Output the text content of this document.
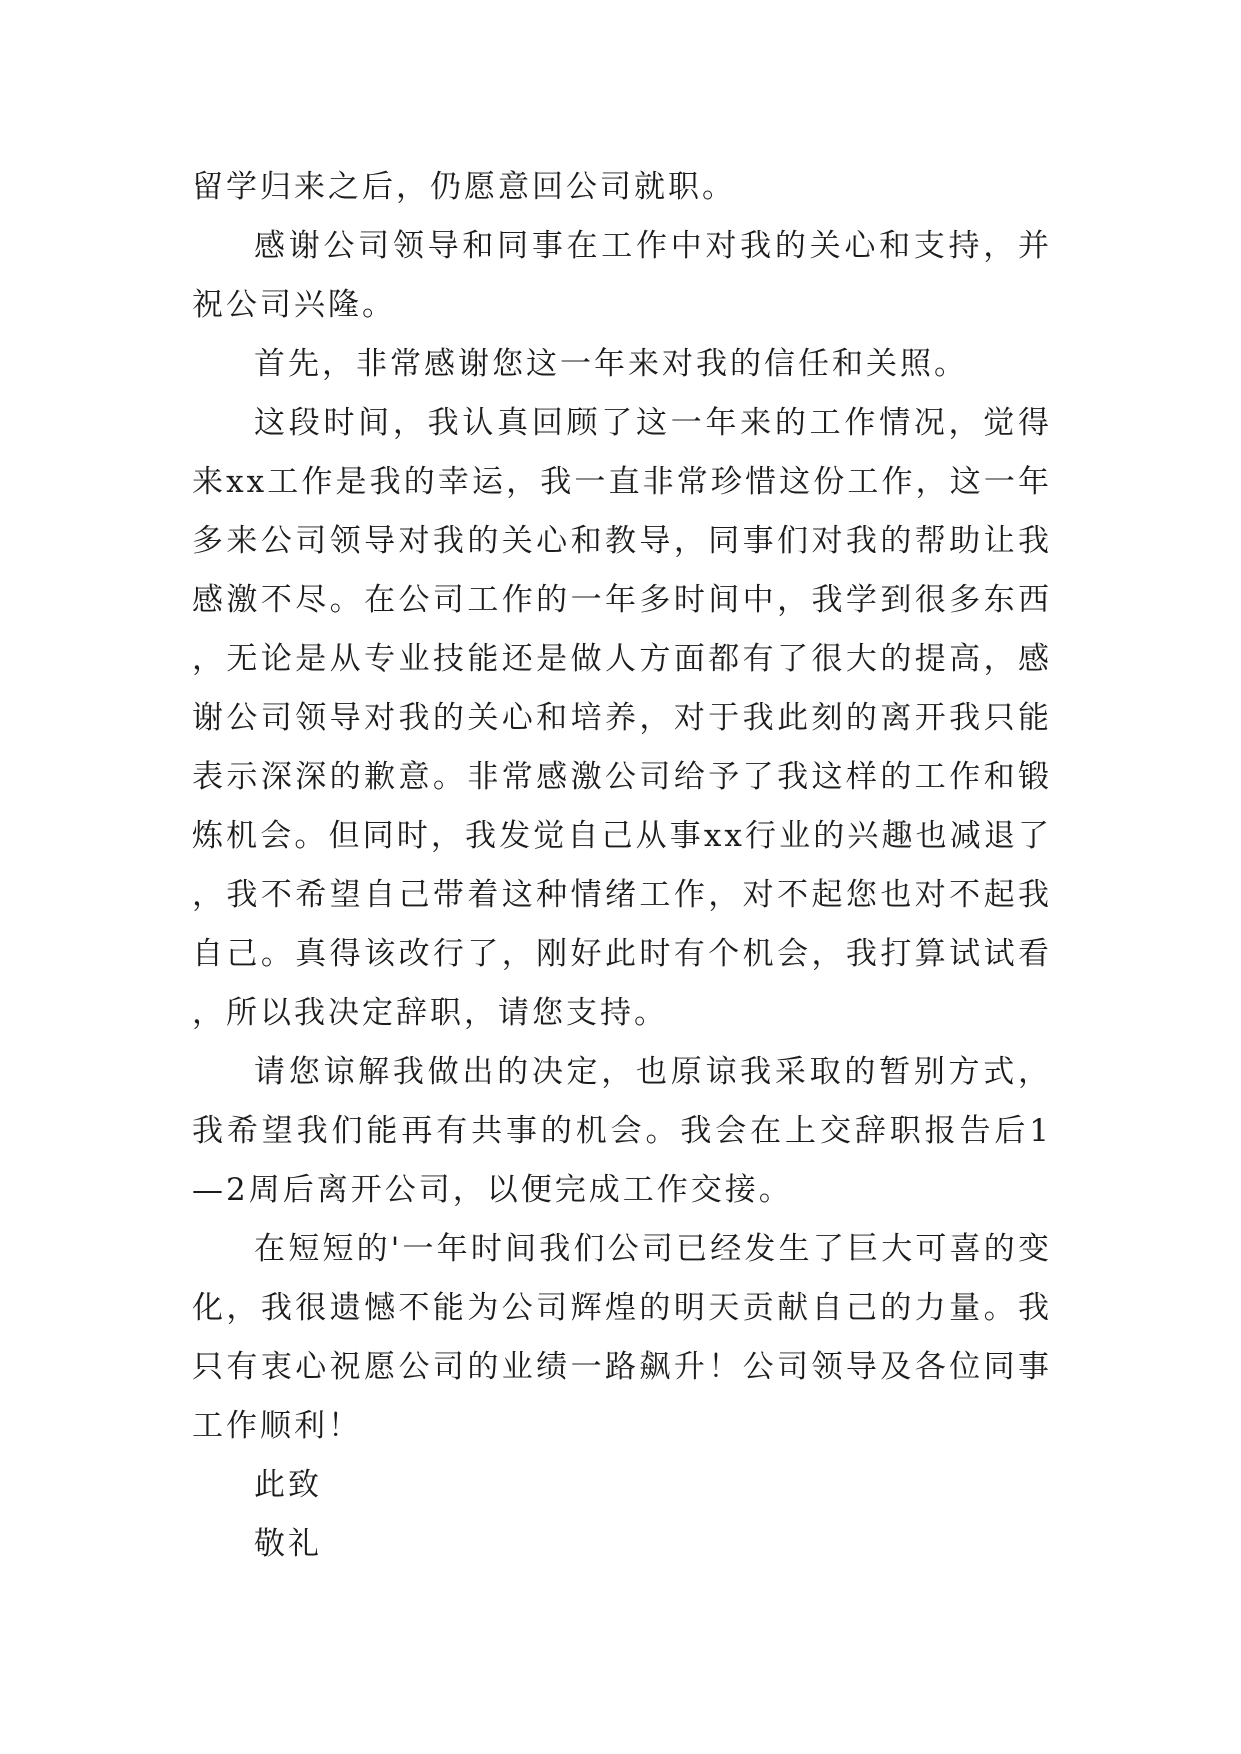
留学归来之后，仍愿意回公司就职。

感谢公司领导和同事在工作中对我的关心和支持，并祝公司兴隆。

首先，非常感谢您这一年来对我的信任和关照。

这段时间，我认真回顾了这一年来的工作情况，觉得来xx工作是我的幸运，我一直非常珍惜这份工作，这一年多来公司领导对我的关心和教导，同事们对我的帮助让我感激不尽。在公司工作的一年多时间中，我学到很多东西，无论是从专业技能还是做人方面都有了很大的提高，感谢公司领导对我的关心和培养，对于我此刻的离开我只能表示深深的歉意。非常感激公司给予了我这样的工作和锻炼机会。但同时，我发觉自己从事xx行业的兴趣也减退了，我不希望自己带着这种情绪工作，对不起您也对不起我自己。真得该改行了，刚好此时有个机会，我打算试试看，所以我决定辞职，请您支持。

请您谅解我做出的决定，也原谅我采取的暂别方式，我希望我们能再有共事的机会。我会在上交辞职报告后1—2周后离开公司，以便完成工作交接。

在短短的'一年时间我们公司已经发生了巨大可喜的变化，我很遗憾不能为公司辉煌的明天贡献自己的力量。我只有衷心祝愿公司的业绩一路飙升！公司领导及各位同事工作顺利！

此致

敬礼
